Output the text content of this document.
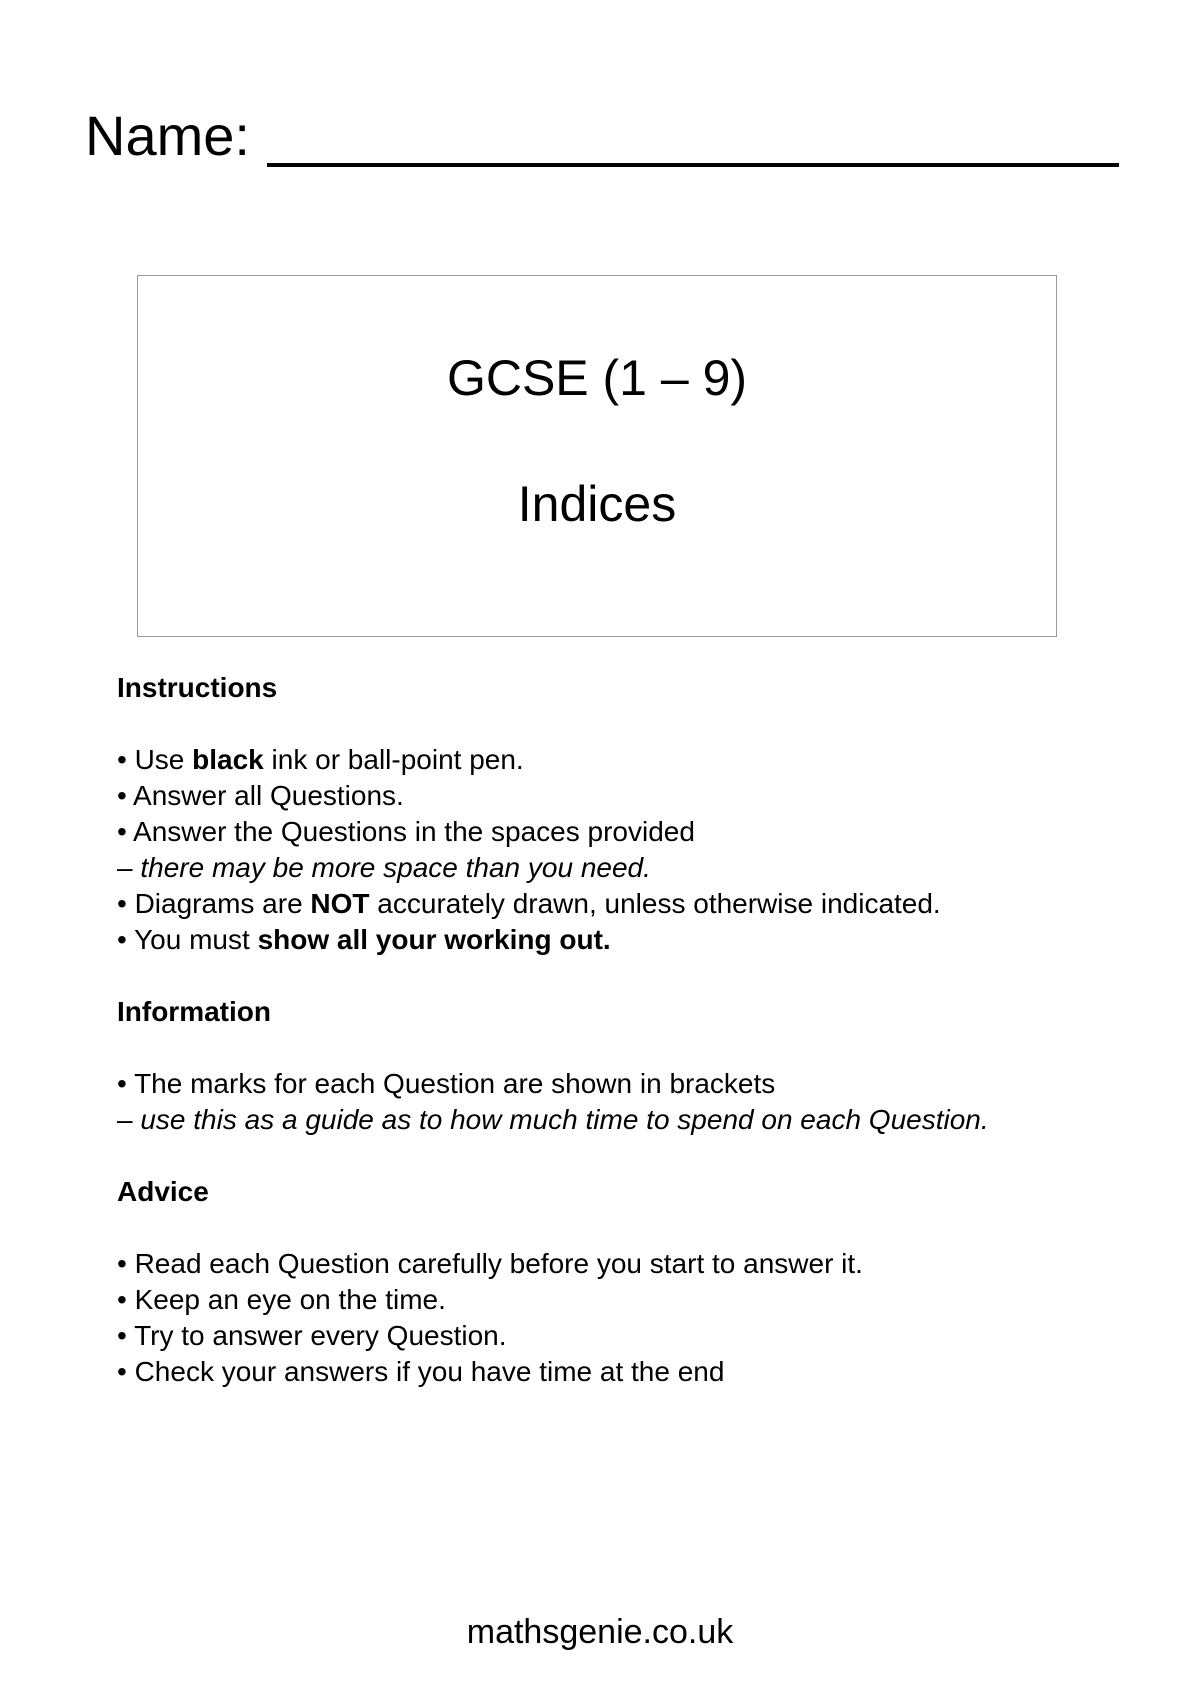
Name:
GCSE (1 – 9)
Indices
Instructions
• Use black ink or ball-point pen.
• Answer all Questions.
• Answer the Questions in the spaces provided
– there may be more space than you need.
• Diagrams are NOT accurately drawn, unless otherwise indicated.
• You must show all your working out.
Information
• The marks for each Question are shown in brackets
– use this as a guide as to how much time to spend on each Question.
Advice
• Read each Question carefully before you start to answer it.
• Keep an eye on the time.
• Try to answer every Question.
• Check your answers if you have time at the end
mathsgenie.co.uk
